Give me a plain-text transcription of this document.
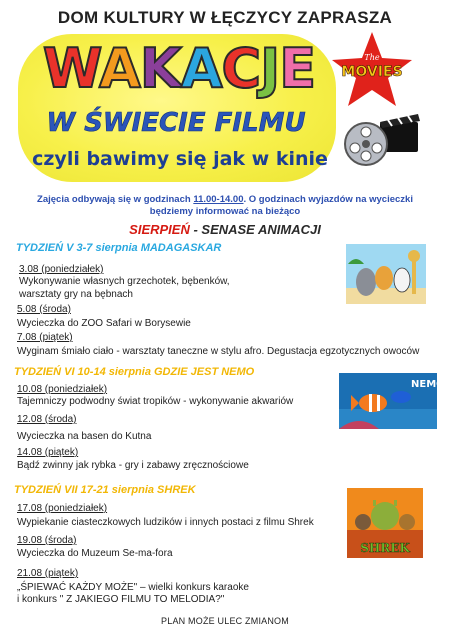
DOM KULTURY W ŁĘCZYCY ZAPRASZA
WAKACJE
W ŚWIECIE FILMU
czyli bawimy się jak w kinie
The
MOVIES
Zajęcia odbywają się w godzinach 11.00-14.00. O godzinach wyjazdów na wycieczki
będziemy informować na bieżąco
SIERPIEŃ - SENASE ANIMACJI
TYDZIEŃ V 3-7 sierpnia MADAGASKAR
3.08 (poniedziałek)
Wykonywanie własnych grzechotek, bębenków,
warsztaty gry na bębnach
5.08 (środa)
Wycieczka do ZOO Safari w Borysewie
7.08 (piątek)
Wyginam śmiało ciało - warsztaty taneczne w stylu afro. Degustacja egzotycznych owoców
TYDZIEŃ VI 10-14 sierpnia GDZIE JEST NEMO
10.08 (poniedziałek)
Tajemniczy podwodny świat tropików - wykonywanie akwariów
12.08 (środa)
Wycieczka na basen do Kutna
14.08 (piątek)
Bądź zwinny jak rybka - gry i zabawy zręcznościowe
NEMO
TYDZIEŃ VII 17-21 sierpnia SHREK
17.08 (poniedziałek)
Wypiekanie ciasteczkowych ludzików i innych postaci z filmu Shrek
19.08 (środa)
Wycieczka do Muzeum Se-ma-fora
21.08 (piątek)
„ŚPIEWAĆ KAŻDY MOŻE" – wielki konkurs karaoke
i konkurs " Z JAKIEGO FILMU TO MELODIA?"
SHREK
PLAN MOŻE ULEC ZMIANOM
